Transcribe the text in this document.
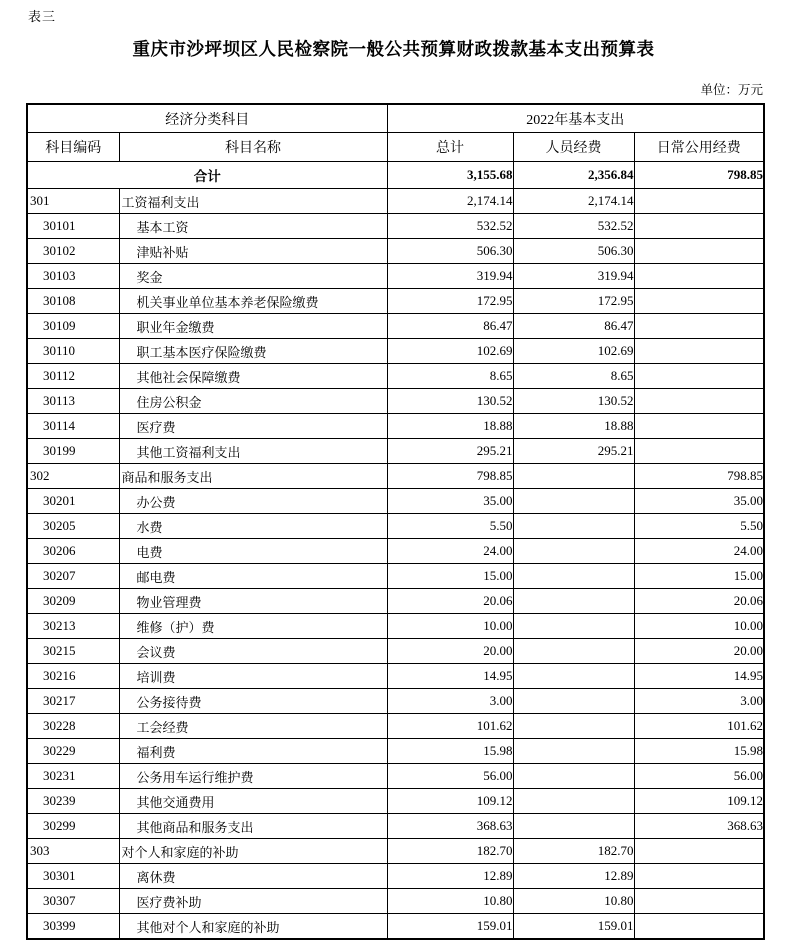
表三
重庆市沙坪坝区人民检察院一般公共预算财政拨款基本支出预算表
单位：万元
经济分类科目		2022年基本支出		
科目编码	科目名称	总计	人员经费	日常公用经费
合计		3,155.68	2,356.84	798.85
301	工资福利支出	2,174.14	2,174.14	
30101	基本工资	532.52	532.52	
30102	津贴补贴	506.30	506.30	
30103	奖金	319.94	319.94	
30108	机关事业单位基本养老保险缴费	172.95	172.95	
30109	职业年金缴费	86.47	86.47	
30110	职工基本医疗保险缴费	102.69	102.69	
30112	其他社会保障缴费	8.65	8.65	
30113	住房公积金	130.52	130.52	
30114	医疗费	18.88	18.88	
30199	其他工资福利支出	295.21	295.21	
302	商品和服务支出	798.85		798.85
30201	办公费	35.00		35.00
30205	水费	5.50		5.50
30206	电费	24.00		24.00
30207	邮电费	15.00		15.00
30209	物业管理费	20.06		20.06
30213	维修（护）费	10.00		10.00
30215	会议费	20.00		20.00
30216	培训费	14.95		14.95
30217	公务接待费	3.00		3.00
30228	工会经费	101.62		101.62
30229	福利费	15.98		15.98
30231	公务用车运行维护费	56.00		56.00
30239	其他交通费用	109.12		109.12
30299	其他商品和服务支出	368.63		368.63
303	对个人和家庭的补助	182.70	182.70	
30301	离休费	12.89	12.89	
30307	医疗费补助	10.80	10.80	
30399	其他对个人和家庭的补助	159.01	159.01	
